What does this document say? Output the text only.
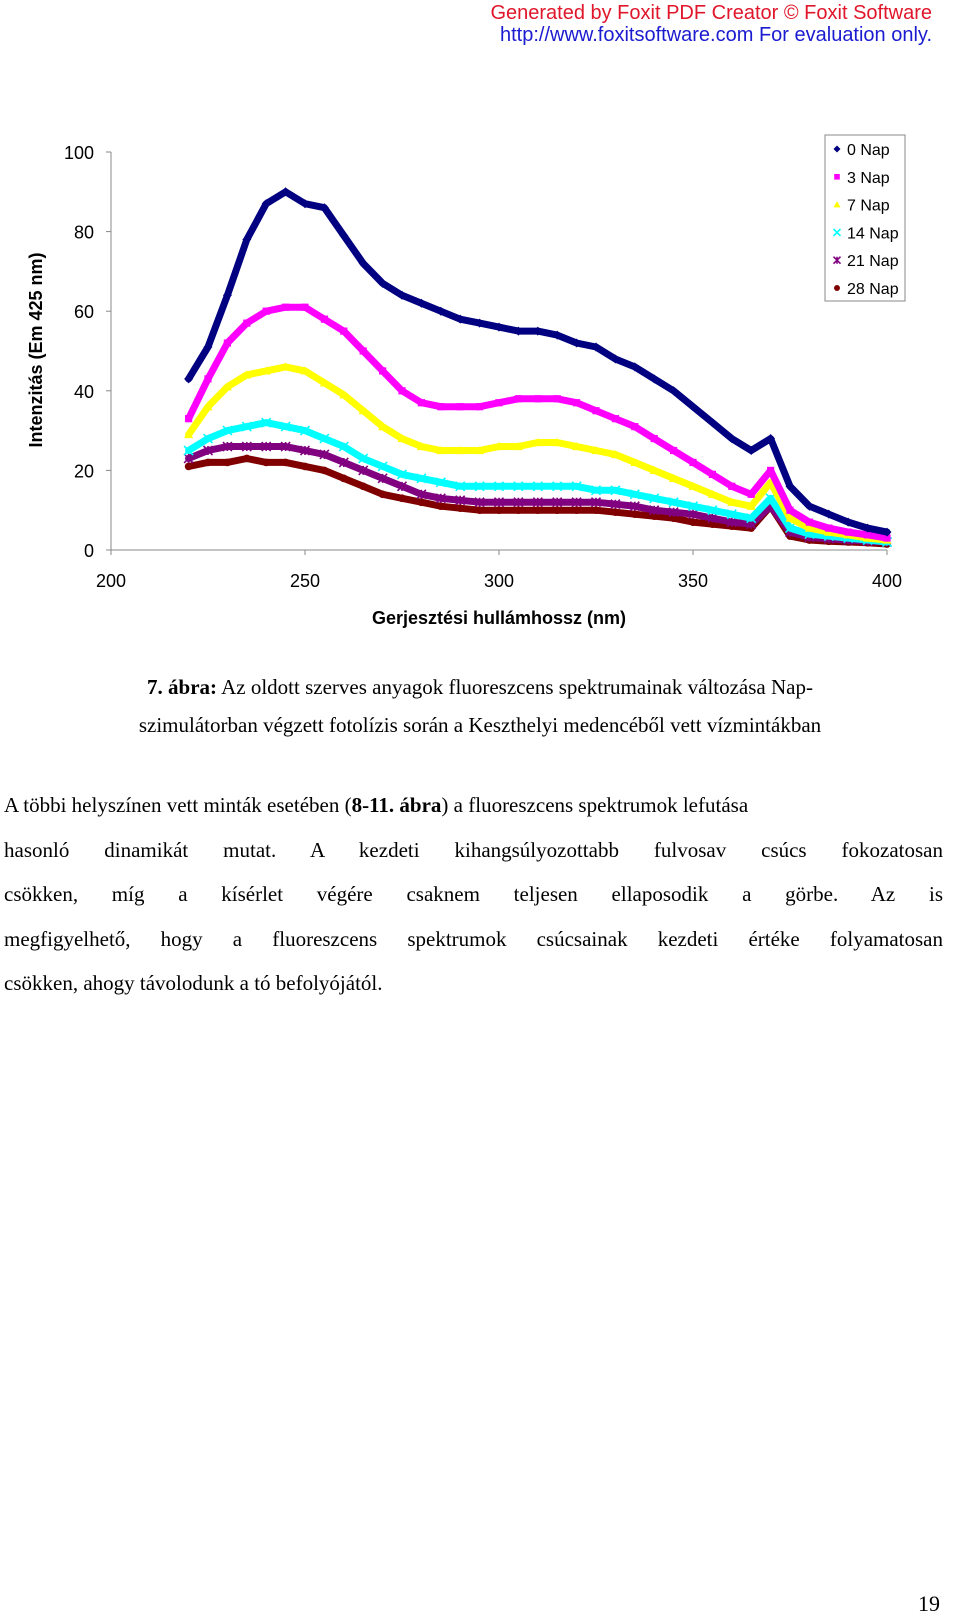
Generated by Foxit PDF Creator © Foxit Software
http://www.foxitsoftware.com For evaluation only.
200	250	300	350	400
0
20
40
60
80
100	0 Nap
3 Nap
7 Nap
14 Nap
21 Nap
28 Nap
Intenzitás (Em 425 nm)
Gerjesztési hullámhossz (nm)
7. ábra: Az oldott szerves anyagok fluoreszcens spektrumainak változása Nap-
szimulátorban végzett fotolízis során a Keszthelyi medencéből vett vízmintákban
A többi helyszínen vett minták esetében (8-11. ábra) a fluoreszcens spektrumok lefutása
hasonló dinamikát mutat. A kezdeti kihangsúlyozottabb fulvosav csúcs fokozatosan
csökken, míg a kísérlet végére csaknem teljesen ellaposodik a görbe. Az is
megfigyelhető, hogy a fluoreszcens spektrumok csúcsainak kezdeti értéke folyamatosan
csökken, ahogy távolodunk a tó befolyójától.
19
